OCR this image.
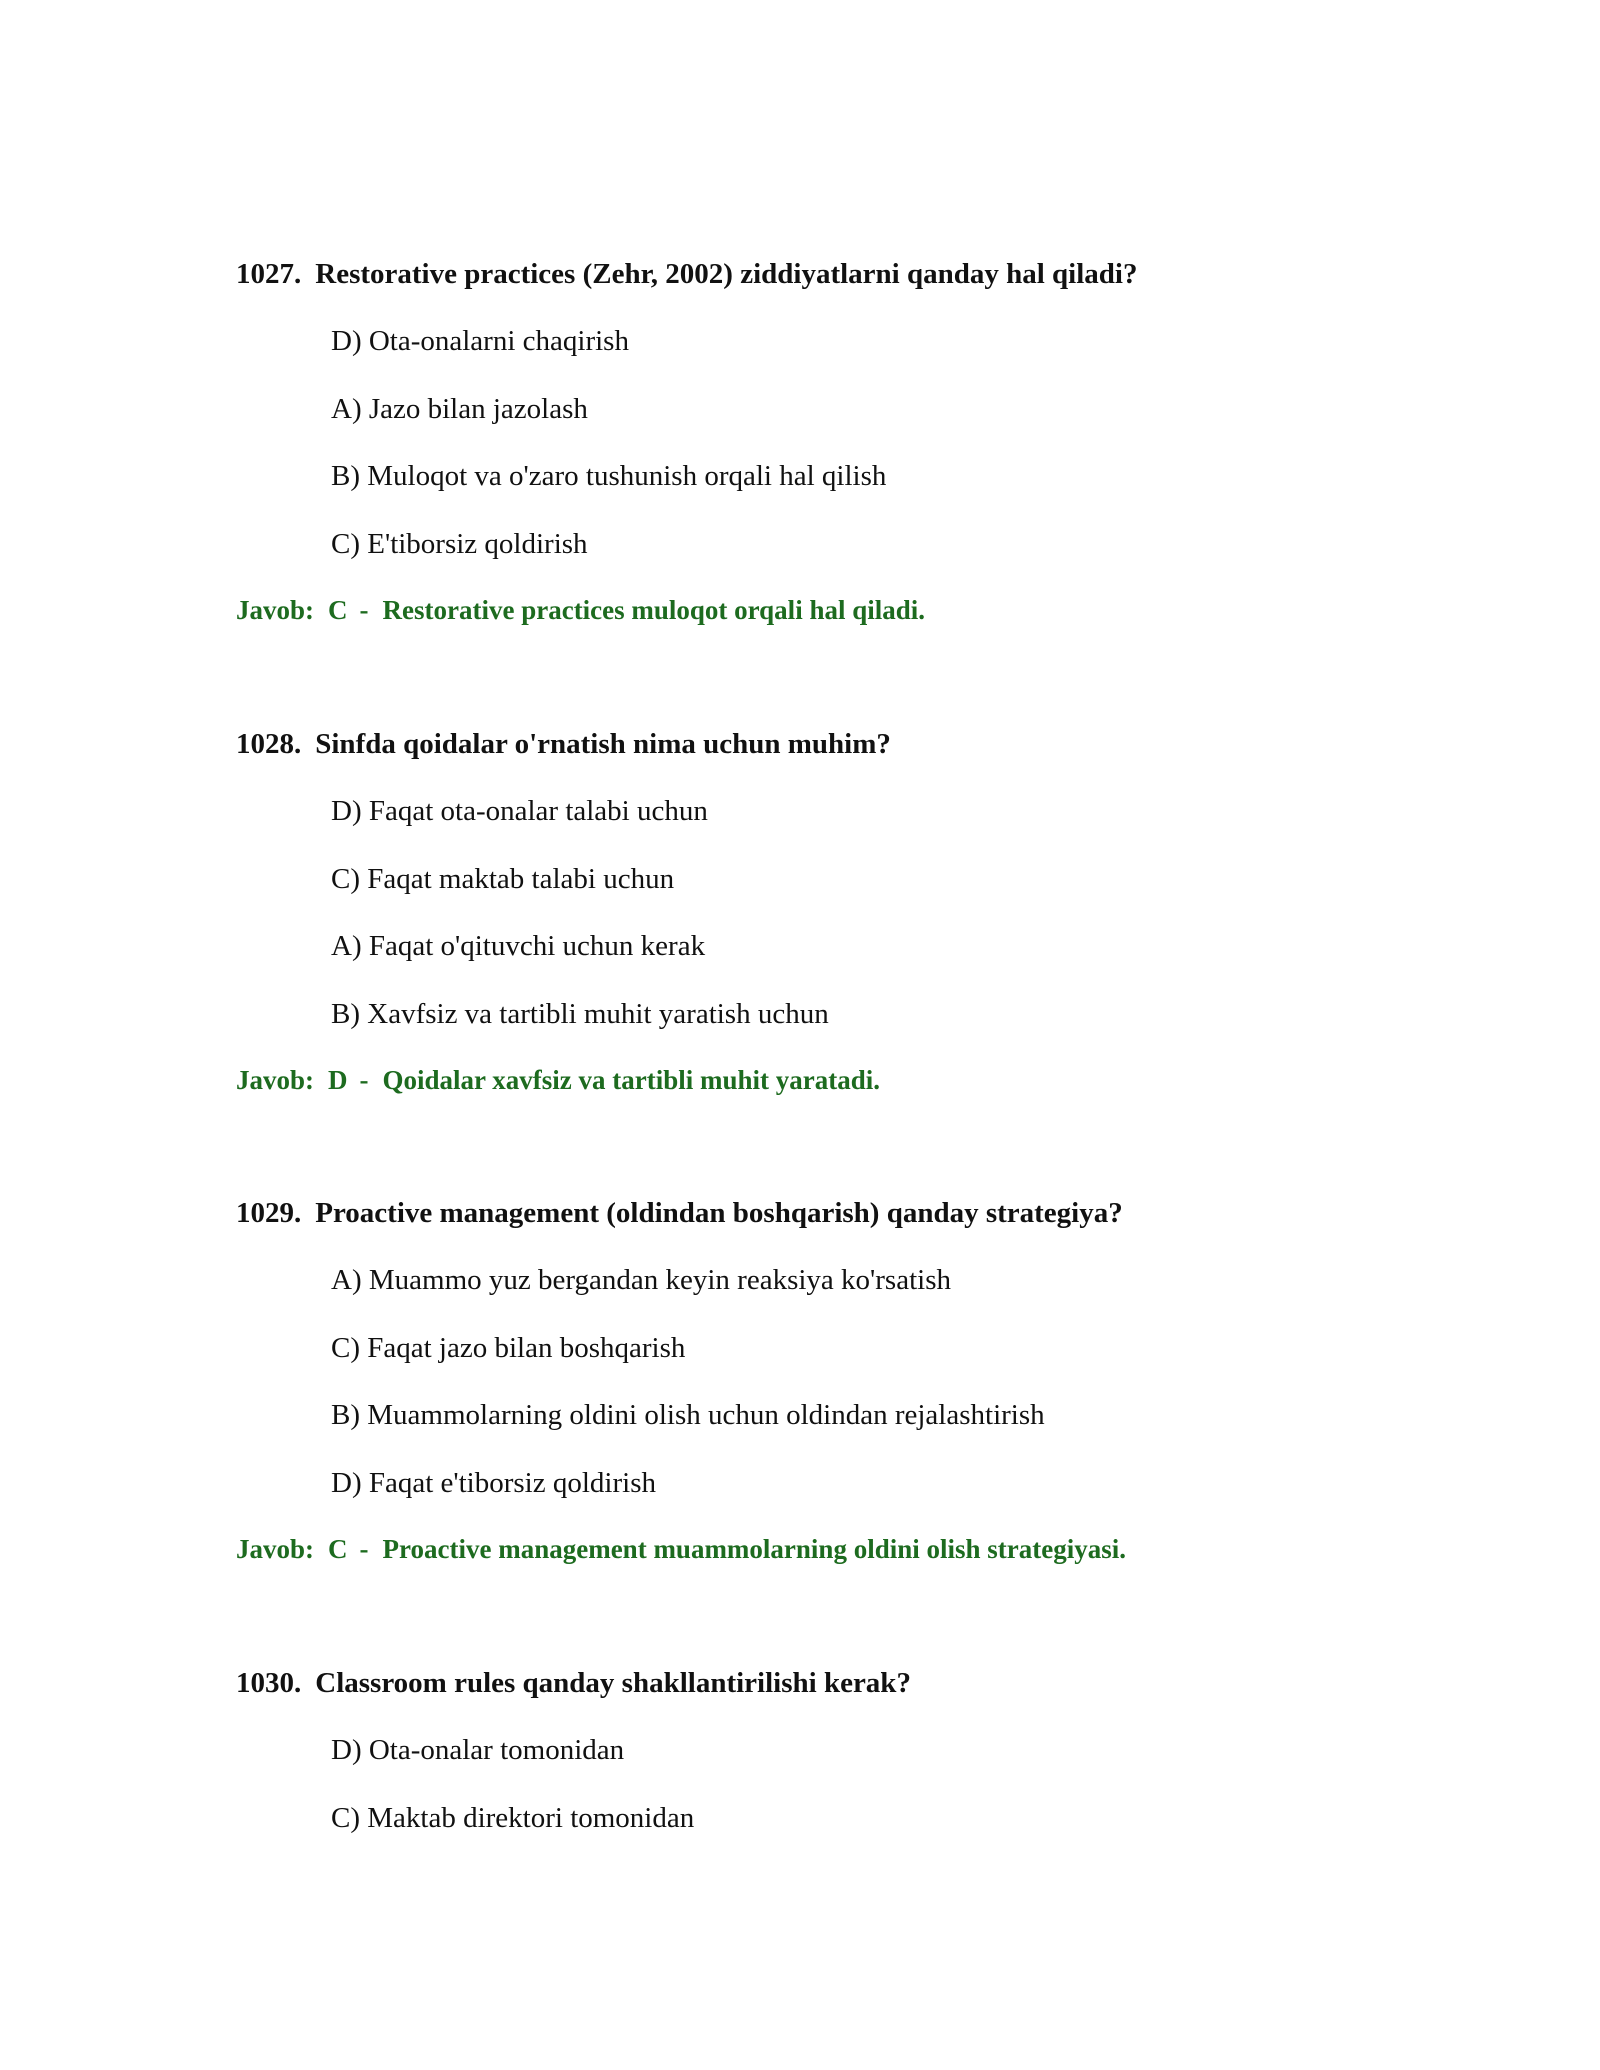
1027. Restorative practices (Zehr, 2002) ziddiyatlarni qanday hal qiladi?
D) Ota-onalarni chaqirish
A) Jazo bilan jazolash
B) Muloqot va o'zaro tushunish orqali hal qilish
C) E'tiborsiz qoldirish
Javob: C - Restorative practices muloqot orqali hal qiladi.
1028. Sinfda qoidalar o'rnatish nima uchun muhim?
D) Faqat ota-onalar talabi uchun
C) Faqat maktab talabi uchun
A) Faqat o'qituvchi uchun kerak
B) Xavfsiz va tartibli muhit yaratish uchun
Javob: D - Qoidalar xavfsiz va tartibli muhit yaratadi.
1029. Proactive management (oldindan boshqarish) qanday strategiya?
A) Muammo yuz bergandan keyin reaksiya ko'rsatish
C) Faqat jazo bilan boshqarish
B) Muammolarning oldini olish uchun oldindan rejalashtirish
D) Faqat e'tiborsiz qoldirish
Javob: C - Proactive management muammolarning oldini olish strategiyasi.
1030. Classroom rules qanday shakllantirilishi kerak?
D) Ota-onalar tomonidan
C) Maktab direktori tomonidan
